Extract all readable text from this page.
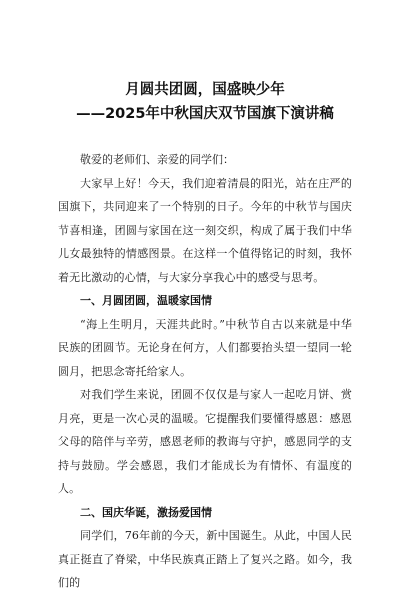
月圆共团圆，国盛映少年
——2025年中秋国庆双节国旗下演讲稿

敬爱的老师们、亲爱的同学们：

大家早上好！今天，我们迎着清晨的阳光，站在庄严的国旗下，共同迎来了一个特别的日子。今年的中秋节与国庆节喜相逢，团圆与家国在这一刻交织，构成了属于我们中华儿女最独特的情感图景。在这样一个值得铭记的时刻，我怀着无比激动的心情，与大家分享我心中的感受与思考。

一、月圆团圆，温暖家国情

“海上生明月，天涯共此时。”中秋节自古以来就是中华民族的团圆节。无论身在何方，人们都要抬头望一望同一轮圆月，把思念寄托给家人。

对我们学生来说，团圆不仅仅是与家人一起吃月饼、赏月亮，更是一次心灵的温暖。它提醒我们要懂得感恩：感恩父母的陪伴与辛劳，感恩老师的教诲与守护，感恩同学的支持与鼓励。学会感恩，我们才能成长为有情怀、有温度的人。

二、国庆华诞，激扬爱国情

同学们，76年前的今天，新中国诞生。从此，中国人民真正挺直了脊梁，中华民族真正踏上了复兴之路。如今，我们的
